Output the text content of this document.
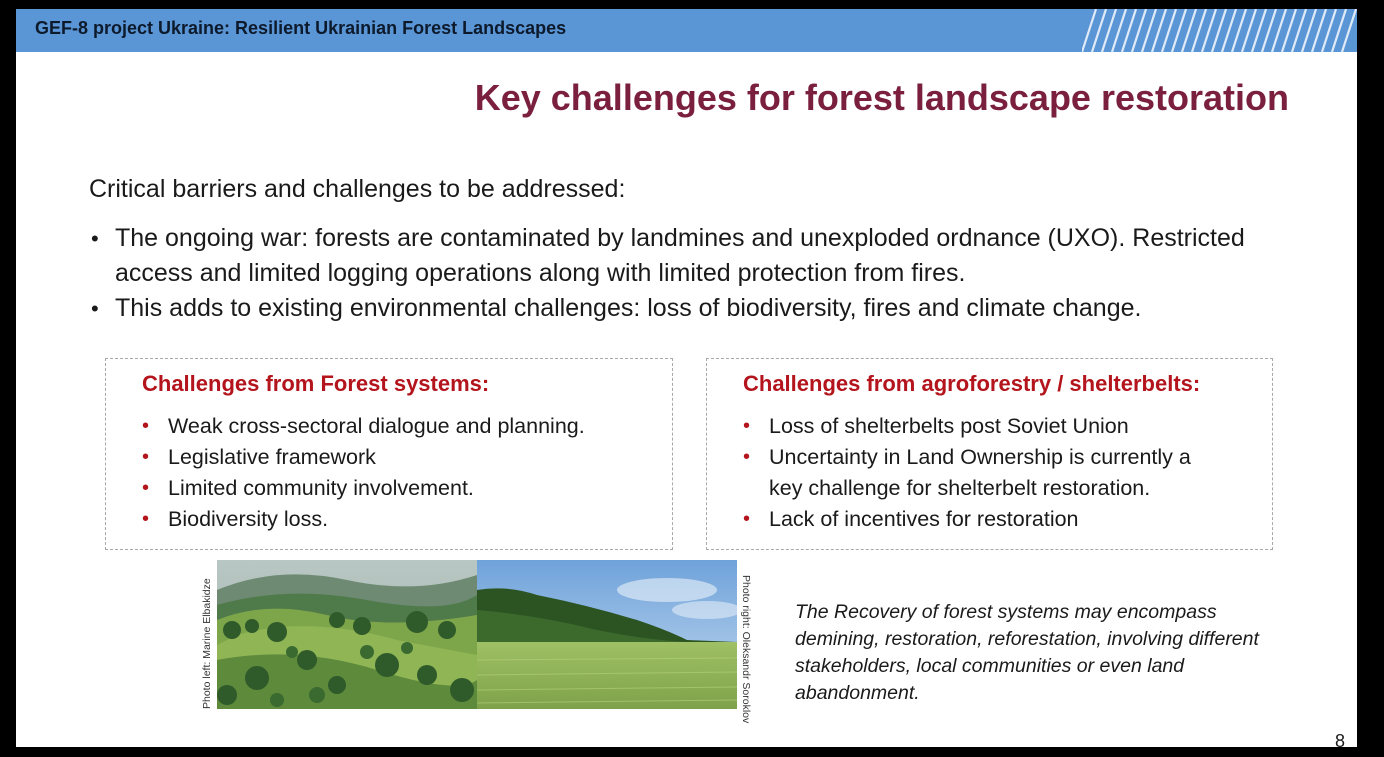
GEF-8 project Ukraine: Resilient Ukrainian Forest Landscapes
Key challenges for forest landscape restoration
Critical barriers and challenges to be addressed:
• The ongoing war: forests are contaminated by landmines and unexploded ordnance (UXO). Restricted access and limited logging operations along with limited protection from fires.
• This adds to existing environmental challenges: loss of biodiversity, fires and climate change.
Challenges from Forest systems:
• Weak cross-sectoral dialogue and planning.
• Legislative framework
• Limited community involvement.
• Biodiversity loss.
Challenges from agroforestry / shelterbelts:
• Loss of shelterbelts post Soviet Union
• Uncertainty in Land Ownership is currently a key challenge for shelterbelt restoration.
• Lack of incentives for restoration
Photo left: Marine Elbakidze	Photo right: Oleksandr Soroklov The Recovery of forest systems may encompass demining, restoration, reforestation, involving different stakeholders, local communities or even land abandonment.
8
